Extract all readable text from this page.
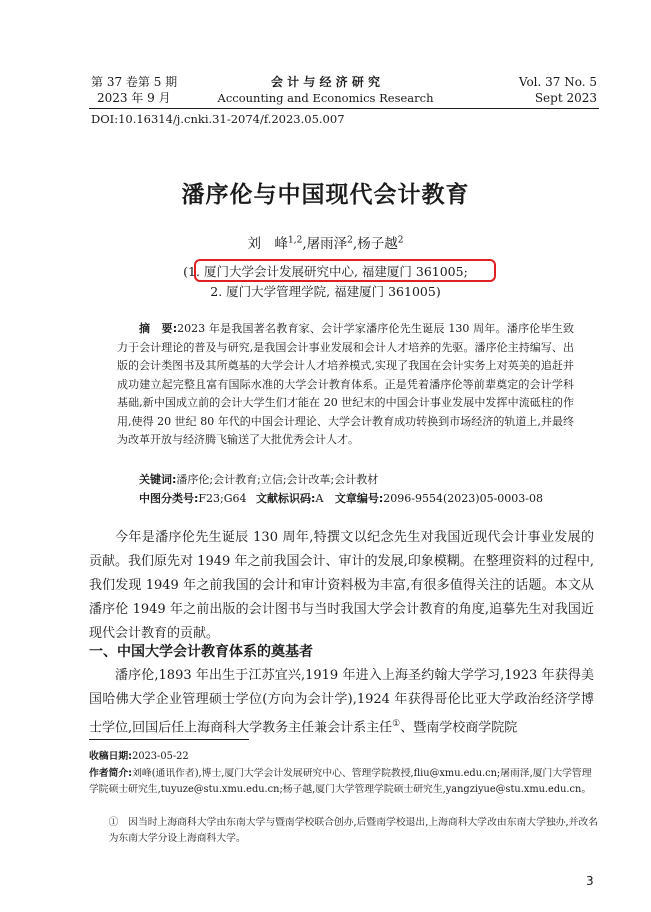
第 37 卷第 5 期
2023 年 9 月
会 计 与 经 济 研 究
Accounting and Economics Research
Vol. 37 No. 5
Sept 2023
DOI:10.16314/j.cnki.31-2074/f.2023.05.007
潘序伦与中国现代会计教育
刘　峰$^{1,2}$,屠雨泽$^2$,杨子越$^2$
(1. 厦门大学会计发展研究中心, 福建厦门 361005;
2. 厦门大学管理学院, 福建厦门 361005)
摘　要:2023 年是我国著名教育家、会计学家潘序伦先生诞辰 130 周年。潘序伦毕生致力于会计理论的普及与研究,是我国会计事业发展和会计人才培养的先驱。潘序伦主持编写、出版的会计类图书及其所奠基的大学会计人才培养模式,实现了我国在会计实务上对英美的追赶并成功建立起完整且富有国际水准的大学会计教育体系。正是凭着潘序伦等前辈奠定的会计学科基础,新中国成立前的会计大学生们才能在 20 世纪末的中国会计事业发展中发挥中流砥柱的作用,使得 20 世纪 80 年代的中国会计理论、大学会计教育成功转换到市场经济的轨道上,并最终为改革开放与经济腾飞输送了大批优秀会计人才。
关键词:潘序伦;会计教育;立信;会计改革;会计教材
中图分类号:F23;G64 文献标识码:A 文章编号:2096-9554(2023)05-0003-08

今年是潘序伦先生诞辰 130 周年,特撰文以纪念先生对我国近现代会计事业发展的贡献。我们原先对 1949 年之前我国会计、审计的发展,印象模糊。在整理资料的过程中,我们发现 1949 年之前我国的会计和审计资料极为丰富,有很多值得关注的话题。本文从潘序伦 1949 年之前出版的会计图书与当时我国大学会计教育的角度,追摹先生对我国近现代会计教育的贡献。

一、中国大学会计教育体系的奠基者

潘序伦,1893 年出生于江苏宜兴,1919 年进入上海圣约翰大学学习,1923 年获得美国哈佛大学企业管理硕士学位(方向为会计学),1924 年获得哥伦比亚大学政治经济学博士学位,回国后任上海商科大学教务主任兼会计系主任①、暨南学校商学院院

收稿日期:2023-05-22
作者简介:刘峰(通讯作者),博士,厦门大学会计发展研究中心、管理学院教授,fliu@xmu.edu.cn;屠雨泽,厦门大学管理学院硕士研究生,tuyuze@stu.xmu.edu.cn;杨子越,厦门大学管理学院硕士研究生,yangziyue@stu.xmu.edu.cn。
①　因当时上海商科大学由东南大学与暨南学校联合创办,后暨南学校退出,上海商科大学改由东南大学独办,并改名为东南大学分设上海商科大学。
3
